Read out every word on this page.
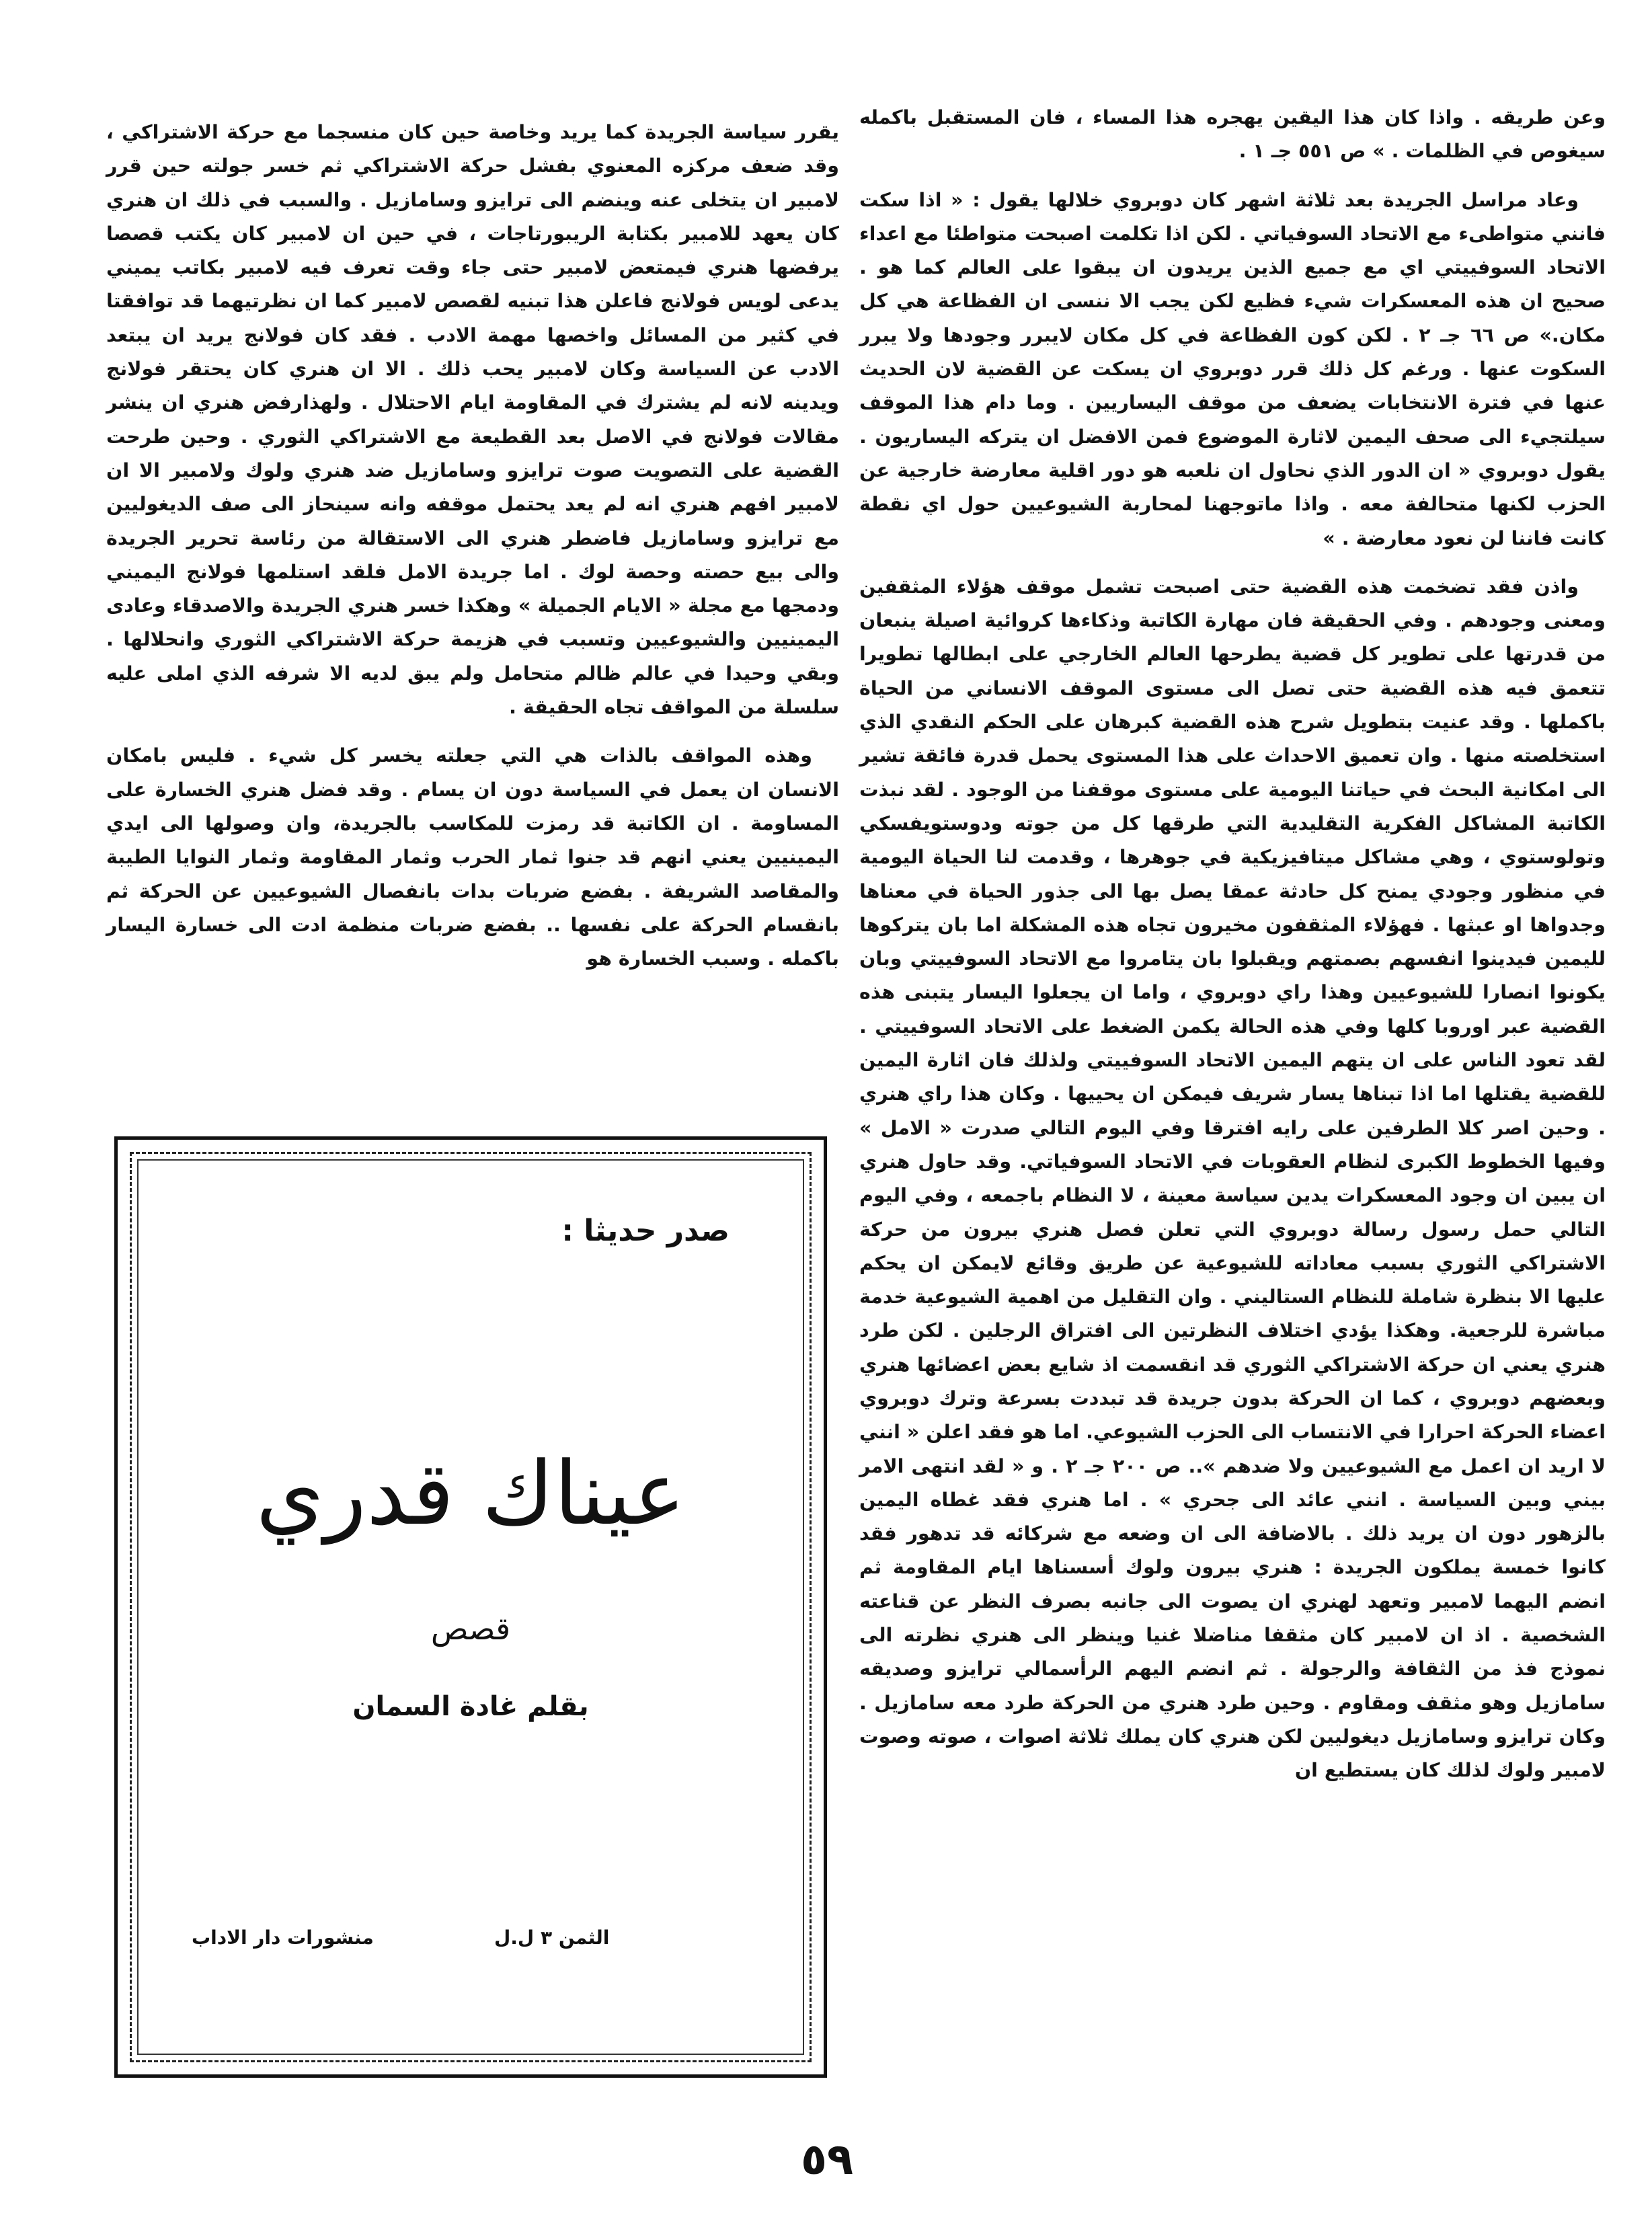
وعن طريقه . واذا كان هذا اليقين يهجره هذا المساء ، فان المستقبل باكمله سيغوص في الظلمات . » ص ٥٥١ جـ ١ .

وعاد مراسل الجريدة بعد ثلاثة اشهر كان دوبروي خلالها يقول : « اذا سكت فانني متواطىء مع الاتحاد السوفياتي . لكن اذا تكلمت اصبحت متواطئا مع اعداء الاتحاد السوفييتي اي مع جميع الذين يريدون ان يبقوا على العالم كما هو . صحيح ان هذه المعسكرات شيء فظيع لكن يجب الا ننسى ان الفظاعة هي كل مكان.» ص ٦٦ جـ ٢ . لكن كون الفظاعة في كل مكان لايبرر وجودها ولا يبرر السكوت عنها . ورغم كل ذلك قرر دوبروي ان يسكت عن القضية لان الحديث عنها في فترة الانتخابات يضعف من موقف اليساريين . وما دام هذا الموقف سيلتجيء الى صحف اليمين لاثارة الموضوع فمن الافضل ان يتركه اليساريون . يقول دوبروي « ان الدور الذي نحاول ان نلعبه هو دور اقلية معارضة خارجية عن الحزب لكنها متحالفة معه . واذا ماتوجهنا لمحاربة الشيوعيين حول اي نقطة كانت فاننا لن نعود معارضة . »

واذن فقد تضخمت هذه القضية حتى اصبحت تشمل موقف هؤلاء المثقفين ومعنى وجودهم . وفي الحقيقة فان مهارة الكاتبة وذكاءها كروائية اصيلة ينبعان من قدرتها على تطوير كل قضية يطرحها العالم الخارجي على ابطالها تطويرا تتعمق فيه هذه القضية حتى تصل الى مستوى الموقف الانساني من الحياة باكملها . وقد عنيت بتطويل شرح هذه القضية كبرهان على الحكم النقدي الذي استخلصته منها . وان تعميق الاحداث على هذا المستوى يحمل قدرة فائقة تشير الى امكانية البحث في حياتنا اليومية على مستوى موقفنا من الوجود . لقد نبذت الكاتبة المشاكل الفكرية التقليدية التي طرقها كل من جوته ودوستويفسكي وتولوستوي ، وهي مشاكل ميتافيزيكية في جوهرها ، وقدمت لنا الحياة اليومية في منظور وجودي يمنح كل حادثة عمقا يصل بها الى جذور الحياة في معناها وجدواها او عبثها . فهؤلاء المثقفون مخيرون تجاه هذه المشكلة اما بان يتركوها لليمين فيدينوا انفسهم بصمتهم ويقبلوا بان يتامروا مع الاتحاد السوفييتي وبان يكونوا انصارا للشيوعيين وهذا راي دوبروي ، واما ان يجعلوا اليسار يتبنى هذه القضية عبر اوروبا كلها وفي هذه الحالة يكمن الضغط على الاتحاد السوفييتي . لقد تعود الناس على ان يتهم اليمين الاتحاد السوفييتي ولذلك فان اثارة اليمين للقضية يقتلها اما اذا تبناها يسار شريف فيمكن ان يحييها . وكان هذا راي هنري . وحين اصر كلا الطرفين على رايه افترقا وفي اليوم التالي صدرت « الامل » وفيها الخطوط الكبرى لنظام العقوبات في الاتحاد السوفياتي. وقد حاول هنري ان يبين ان وجود المعسكرات يدين سياسة معينة ، لا النظام باجمعه ، وفي اليوم التالي حمل رسول رسالة دوبروي التي تعلن فصل هنري بيرون من حركة الاشتراكي الثوري بسبب معاداته للشيوعية عن طريق وقائع لايمكن ان يحكم عليها الا بنظرة شاملة للنظام الستاليني . وان التقليل من اهمية الشيوعية خدمة مباشرة للرجعية. وهكذا يؤدي اختلاف النظرتين الى افتراق الرجلين . لكن طرد هنري يعني ان حركة الاشتراكي الثوري قد انقسمت اذ شايع بعض اعضائها هنري وبعضهم دوبروي ، كما ان الحركة بدون جريدة قد تبددت بسرعة وترك دوبروي اعضاء الحركة احرارا في الانتساب الى الحزب الشيوعي. اما هو فقد اعلن « انني لا اريد ان اعمل مع الشيوعيين ولا ضدهم ».. ص ٢٠٠ جـ ٢ . و « لقد انتهى الامر بيني وبين السياسة . انني عائد الى جحري » . اما هنري فقد غطاه اليمين بالزهور دون ان يريد ذلك . بالاضافة الى ان وضعه مع شركائه قد تدهور فقد كانوا خمسة يملكون الجريدة : هنري بيرون ولوك أسسناها ايام المقاومة ثم انضم اليهما لامبير وتعهد لهنري ان يصوت الى جانبه بصرف النظر عن قناعته الشخصية . اذ ان لامبير كان مثقفا مناضلا غنيا وينظر الى هنري نظرته الى نموذج فذ من الثقافة والرجولة . ثم انضم اليهم الرأسمالي ترايزو وصديقه سامازيل وهو مثقف ومقاوم . وحين طرد هنري من الحركة طرد معه سامازيل . وكان ترايزو وسامازيل ديغوليين لكن هنري كان يملك ثلاثة اصوات ، صوته وصوت لامبير ولوك لذلك كان يستطيع ان

يقرر سياسة الجريدة كما يريد وخاصة حين كان منسجما مع حركة الاشتراكي ، وقد ضعف مركزه المعنوي بفشل حركة الاشتراكي ثم خسر جولته حين قرر لامبير ان يتخلى عنه وينضم الى ترايزو وسامازيل . والسبب في ذلك ان هنري كان يعهد للامبير بكتابة الريبورتاجات ، في حين ان لامبير كان يكتب قصصا يرفضها هنري فيمتعض لامبير حتى جاء وقت تعرف فيه لامبير بكاتب يميني يدعى لويس فولانج فاعلن هذا تبنيه لقصص لامبير كما ان نظرتيهما قد توافقتا في كثير من المسائل واخصها مهمة الادب . فقد كان فولانج يريد ان يبتعد الادب عن السياسة وكان لامبير يحب ذلك . الا ان هنري كان يحتقر فولانج ويدينه لانه لم يشترك في المقاومة ايام الاحتلال . ولهذارفض هنري ان ينشر مقالات فولانج في الاصل بعد القطيعة مع الاشتراكي الثوري . وحين طرحت القضية على التصويت صوت ترايزو وسامازيل ضد هنري ولوك ولامبير الا ان لامبير افهم هنري انه لم يعد يحتمل موقفه وانه سينحاز الى صف الديغوليين مع ترايزو وسامازيل فاضطر هنري الى الاستقالة من رئاسة تحرير الجريدة والى بيع حصته وحصة لوك . اما جريدة الامل فلقد استلمها فولانج اليميني ودمجها مع مجلة « الايام الجميلة » وهكذا خسر هنري الجريدة والاصدقاء وعادى اليمينيين والشيوعيين وتسبب في هزيمة حركة الاشتراكي الثوري وانحلالها . وبقي وحيدا في عالم ظالم متحامل ولم يبق لديه الا شرفه الذي املى عليه سلسلة من المواقف تجاه الحقيقة .

وهذه المواقف بالذات هي التي جعلته يخسر كل شيء . فليس بامكان الانسان ان يعمل في السياسة دون ان يسام . وقد فضل هنري الخسارة على المساومة . ان الكاتبة قد رمزت للمكاسب بالجريدة، وان وصولها الى ايدي اليمينيين يعني انهم قد جنوا ثمار الحرب وثمار المقاومة وثمار النوايا الطيبة والمقاصد الشريفة . بفضع ضربات بدات بانفصال الشيوعيين عن الحركة ثم بانقسام الحركة على نفسها .. بفضع ضربات منظمة ادت الى خسارة اليسار باكمله . وسبب الخسارة هو

صدر حديثا :
عيناك قدري
قصص
بقلم غادة السمان
الثمن ٣ ل.ل
منشورات دار الاداب
٥٩
